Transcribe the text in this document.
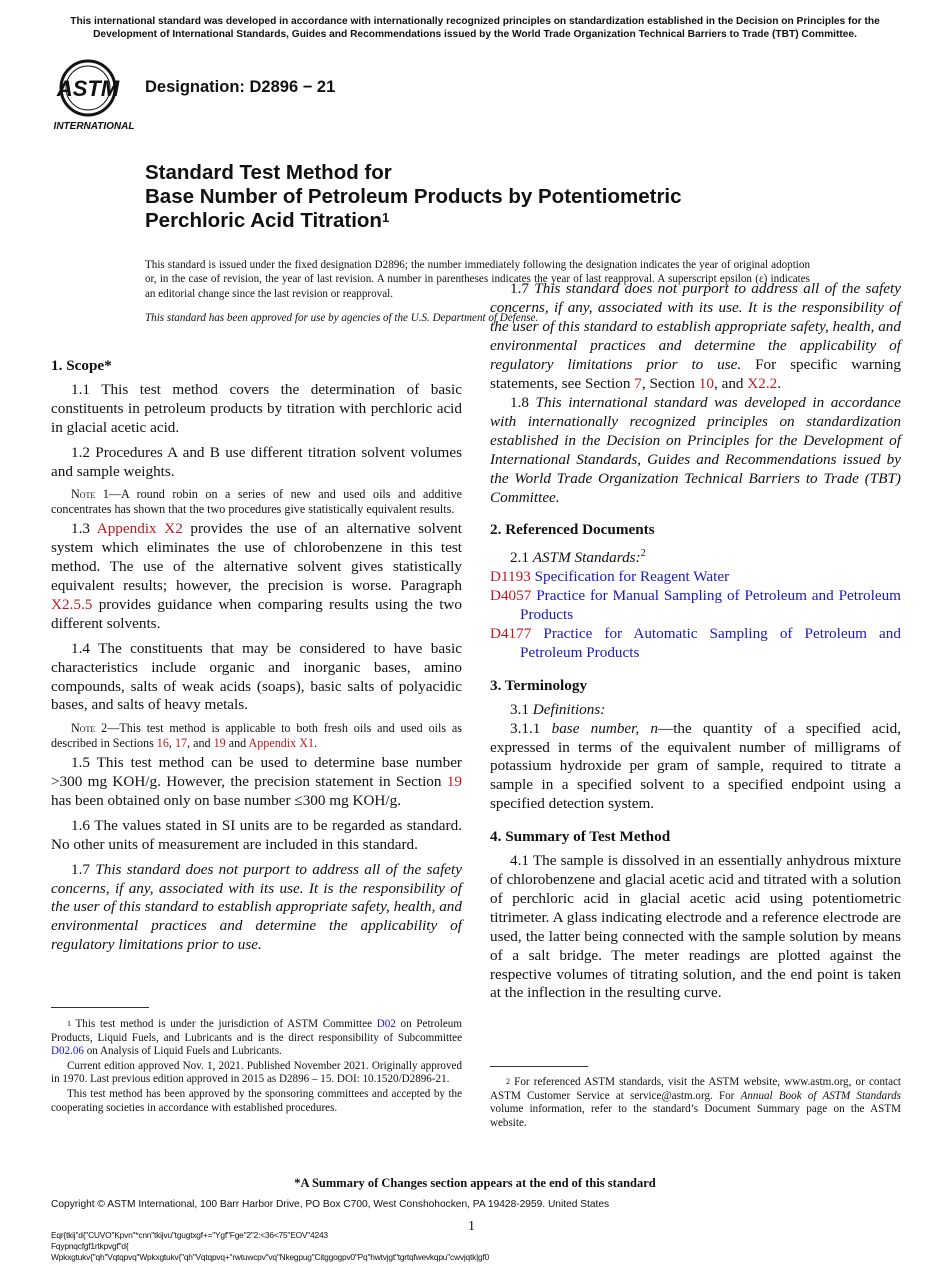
This international standard was developed in accordance with internationally recognized principles on standardization established in the Decision on Principles for the Development of International Standards, Guides and Recommendations issued by the World Trade Organization Technical Barriers to Trade (TBT) Committee.
ASTM
INTERNATIONAL
Designation: D2896 − 21
Standard Test Method for
Base Number of Petroleum Products by Potentiometric
Perchloric Acid Titration$^1$
This standard is issued under the fixed designation D2896; the number immediately following the designation indicates the year of original adoption or, in the case of revision, the year of last revision. A number in parentheses indicates the year of last reapproval. A superscript epsilon (ε) indicates an editorial change since the last revision or reapproval.
This standard has been approved for use by agencies of the U.S. Department of Defense.
1. Scope*

1.1 This test method covers the determination of basic constituents in petroleum products by titration with perchloric acid in glacial acetic acid.

1.2 Procedures A and B use different titration solvent volumes and sample weights.

Note 1—A round robin on a series of new and used oils and additive concentrates has shown that the two procedures give statistically equivalent results.

1.3 Appendix X2 provides the use of an alternative solvent system which eliminates the use of chlorobenzene in this test method. The use of the alternative solvent gives statistically equivalent results; however, the precision is worse. Paragraph X2.5.5 provides guidance when comparing results using the two different solvents.

1.4 The constituents that may be considered to have basic characteristics include organic and inorganic bases, amino compounds, salts of weak acids (soaps), basic salts of polyacidic bases, and salts of heavy metals.

Note 2—This test method is applicable to both fresh oils and used oils as described in Sections 16, 17, and 19 and Appendix X1.

1.5 This test method can be used to determine base number >300 mg KOH/g. However, the precision statement in Section 19 has been obtained only on base number ≤300 mg KOH/g.

1.6 The values stated in SI units are to be regarded as standard. No other units of measurement are included in this standard.

1.7 This standard does not purport to address all of the safety concerns, if any, associated with its use. It is the responsibility of the user of this standard to establish appropriate safety, health, and environmental practices and determine the applicability of regulatory limitations prior to use.

$^1$ This test method is under the jurisdiction of ASTM Committee D02 on Petroleum Products, Liquid Fuels, and Lubricants and is the direct responsibility of Subcommittee D02.06 on Analysis of Liquid Fuels and Lubricants.

Current edition approved Nov. 1, 2021. Published November 2021. Originally approved in 1970. Last previous edition approved in 2015 as D2896 – 15. DOI: 10.1520/D2896-21.

This test method has been approved by the sponsoring committees and accepted by the cooperating societies in accordance with established procedures.

1.7 This standard does not purport to address all of the safety concerns, if any, associated with its use. It is the responsibility of the user of this standard to establish appropriate safety, health, and environmental practices and determine the applicability of regulatory limitations prior to use. For specific warning statements, see Section 7, Section 10, and X2.2.

1.8 This international standard was developed in accordance with internationally recognized principles on standardization established in the Decision on Principles for the Development of International Standards, Guides and Recommendations issued by the World Trade Organization Technical Barriers to Trade (TBT) Committee.

2. Referenced Documents

2.1 ASTM Standards:$^2$

D1193 Specification for Reagent Water

D4057 Practice for Manual Sampling of Petroleum and Petroleum Products

D4177 Practice for Automatic Sampling of Petroleum and Petroleum Products

3. Terminology

3.1 Definitions:

3.1.1 base number, n—the quantity of a specified acid, expressed in terms of the equivalent number of milligrams of potassium hydroxide per gram of sample, required to titrate a sample in a specified solvent to a specified endpoint using a specified detection system.

4. Summary of Test Method

4.1 The sample is dissolved in an essentially anhydrous mixture of chlorobenzene and glacial acetic acid and titrated with a solution of perchloric acid in glacial acetic acid using potentiometric titrimeter. A glass indicating electrode and a reference electrode are used, the latter being connected with the sample solution by means of a salt bridge. The meter readings are plotted against the respective volumes of titrating solution, and the end point is taken at the inflection in the resulting curve.

$^2$ For referenced ASTM standards, visit the ASTM website, www.astm.org, or contact ASTM Customer Service at service@astm.org. For Annual Book of ASTM Standards volume information, refer to the standard’s Document Summary page on the ASTM website.

*A Summary of Changes section appears at the end of this standard
Copyright © ASTM International, 100 Barr Harbor Drive, PO Box C700, West Conshohocken, PA 19428-2959. United States
1
Eqr{tkij"d{"CUVO"Kpvn"*cnn"tkijvu"tgugtxgf+="Ygf"Fge"2"2:<36<75"EOV"4243
Fqypnqcfgf1rtkpvgf"d{
Wpkxgtukv{"qh"Vqtqpvq"Wpkxgtukv{"qh"Vqtqpvq+"rwtuwcpv"vq"Nkegpug"Citggogpv0"Pq"hwtvjgt"tgrtqfwevkqpu"cwvjqtk|gf0
